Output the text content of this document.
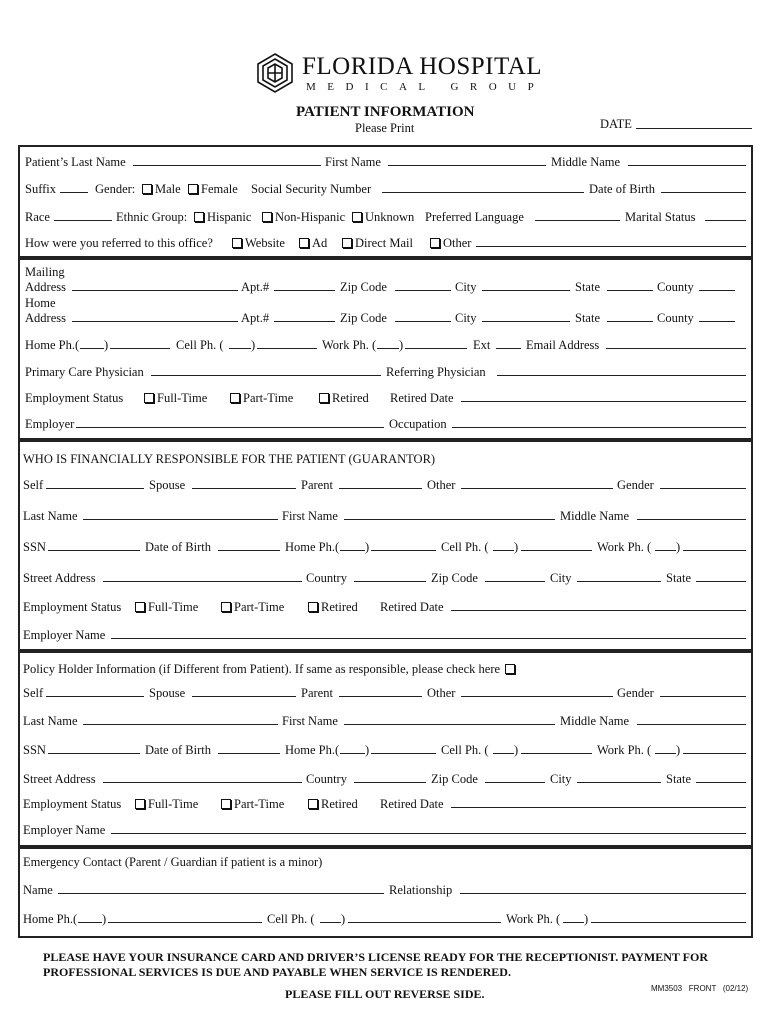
FLORIDA HOSPITAL
MEDICAL GROUP
PATIENT INFORMATION
Please Print	DATE
Patient’s Last Name	First Name	Middle Name
Suffix	Gender:	Male	Female Social Security Number	Date of Birth
Race	Ethnic Group:	Hispanic	Non-Hispanic	Unknown Preferred Language	Marital Status
How were you referred to this office?	Website	Ad	Direct Mail	Other
Mailing
Address	Apt.#	Zip Code	City	State	County
Home
Address	Apt.#	Zip Code	City	State	County
Home Ph.( )	Cell Ph. ( )	Work Ph. ( )	Ext	Email Address
Primary Care Physician	Referring Physician
Employment Status	Full-Time	Part-Time	Retired Retired Date
Employer	Occupation
WHO IS FINANCIALLY RESPONSIBLE FOR THE PATIENT (GUARANTOR)
Self	Spouse	Parent	Other	Gender
Last Name	First Name	Middle Name
SSN	Date of Birth	Home Ph.( )	Cell Ph. ( )	Work Ph. ( )
Street Address	Country	Zip Code	City	State
Employment Status	Full-Time	Part-Time	Retired Retired Date
Employer Name
Policy Holder Information (if Different from Patient). If same as responsible, please check here
Self	Spouse	Parent	Other	Gender
Last Name	First Name	Middle Name
SSN	Date of Birth	Home Ph.( )	Cell Ph. ( )	Work Ph. ( )
Street Address	Country	Zip Code	City	State
Employment Status	Full-Time	Part-Time	Retired Retired Date
Employer Name
Emergency Contact (Parent / Guardian if patient is a minor)
Name	Relationship
Home Ph.( )	Cell Ph. ( )	Work Ph. ( )
PLEASE HAVE YOUR INSURANCE CARD AND DRIVER’S LICENSE READY FOR THE RECEPTIONIST. PAYMENT FOR
PROFESSIONAL SERVICES IS DUE AND PAYABLE WHEN SERVICE IS RENDERED.
PLEASE FILL OUT REVERSE SIDE.	MM3503   FRONT   (02/12)
